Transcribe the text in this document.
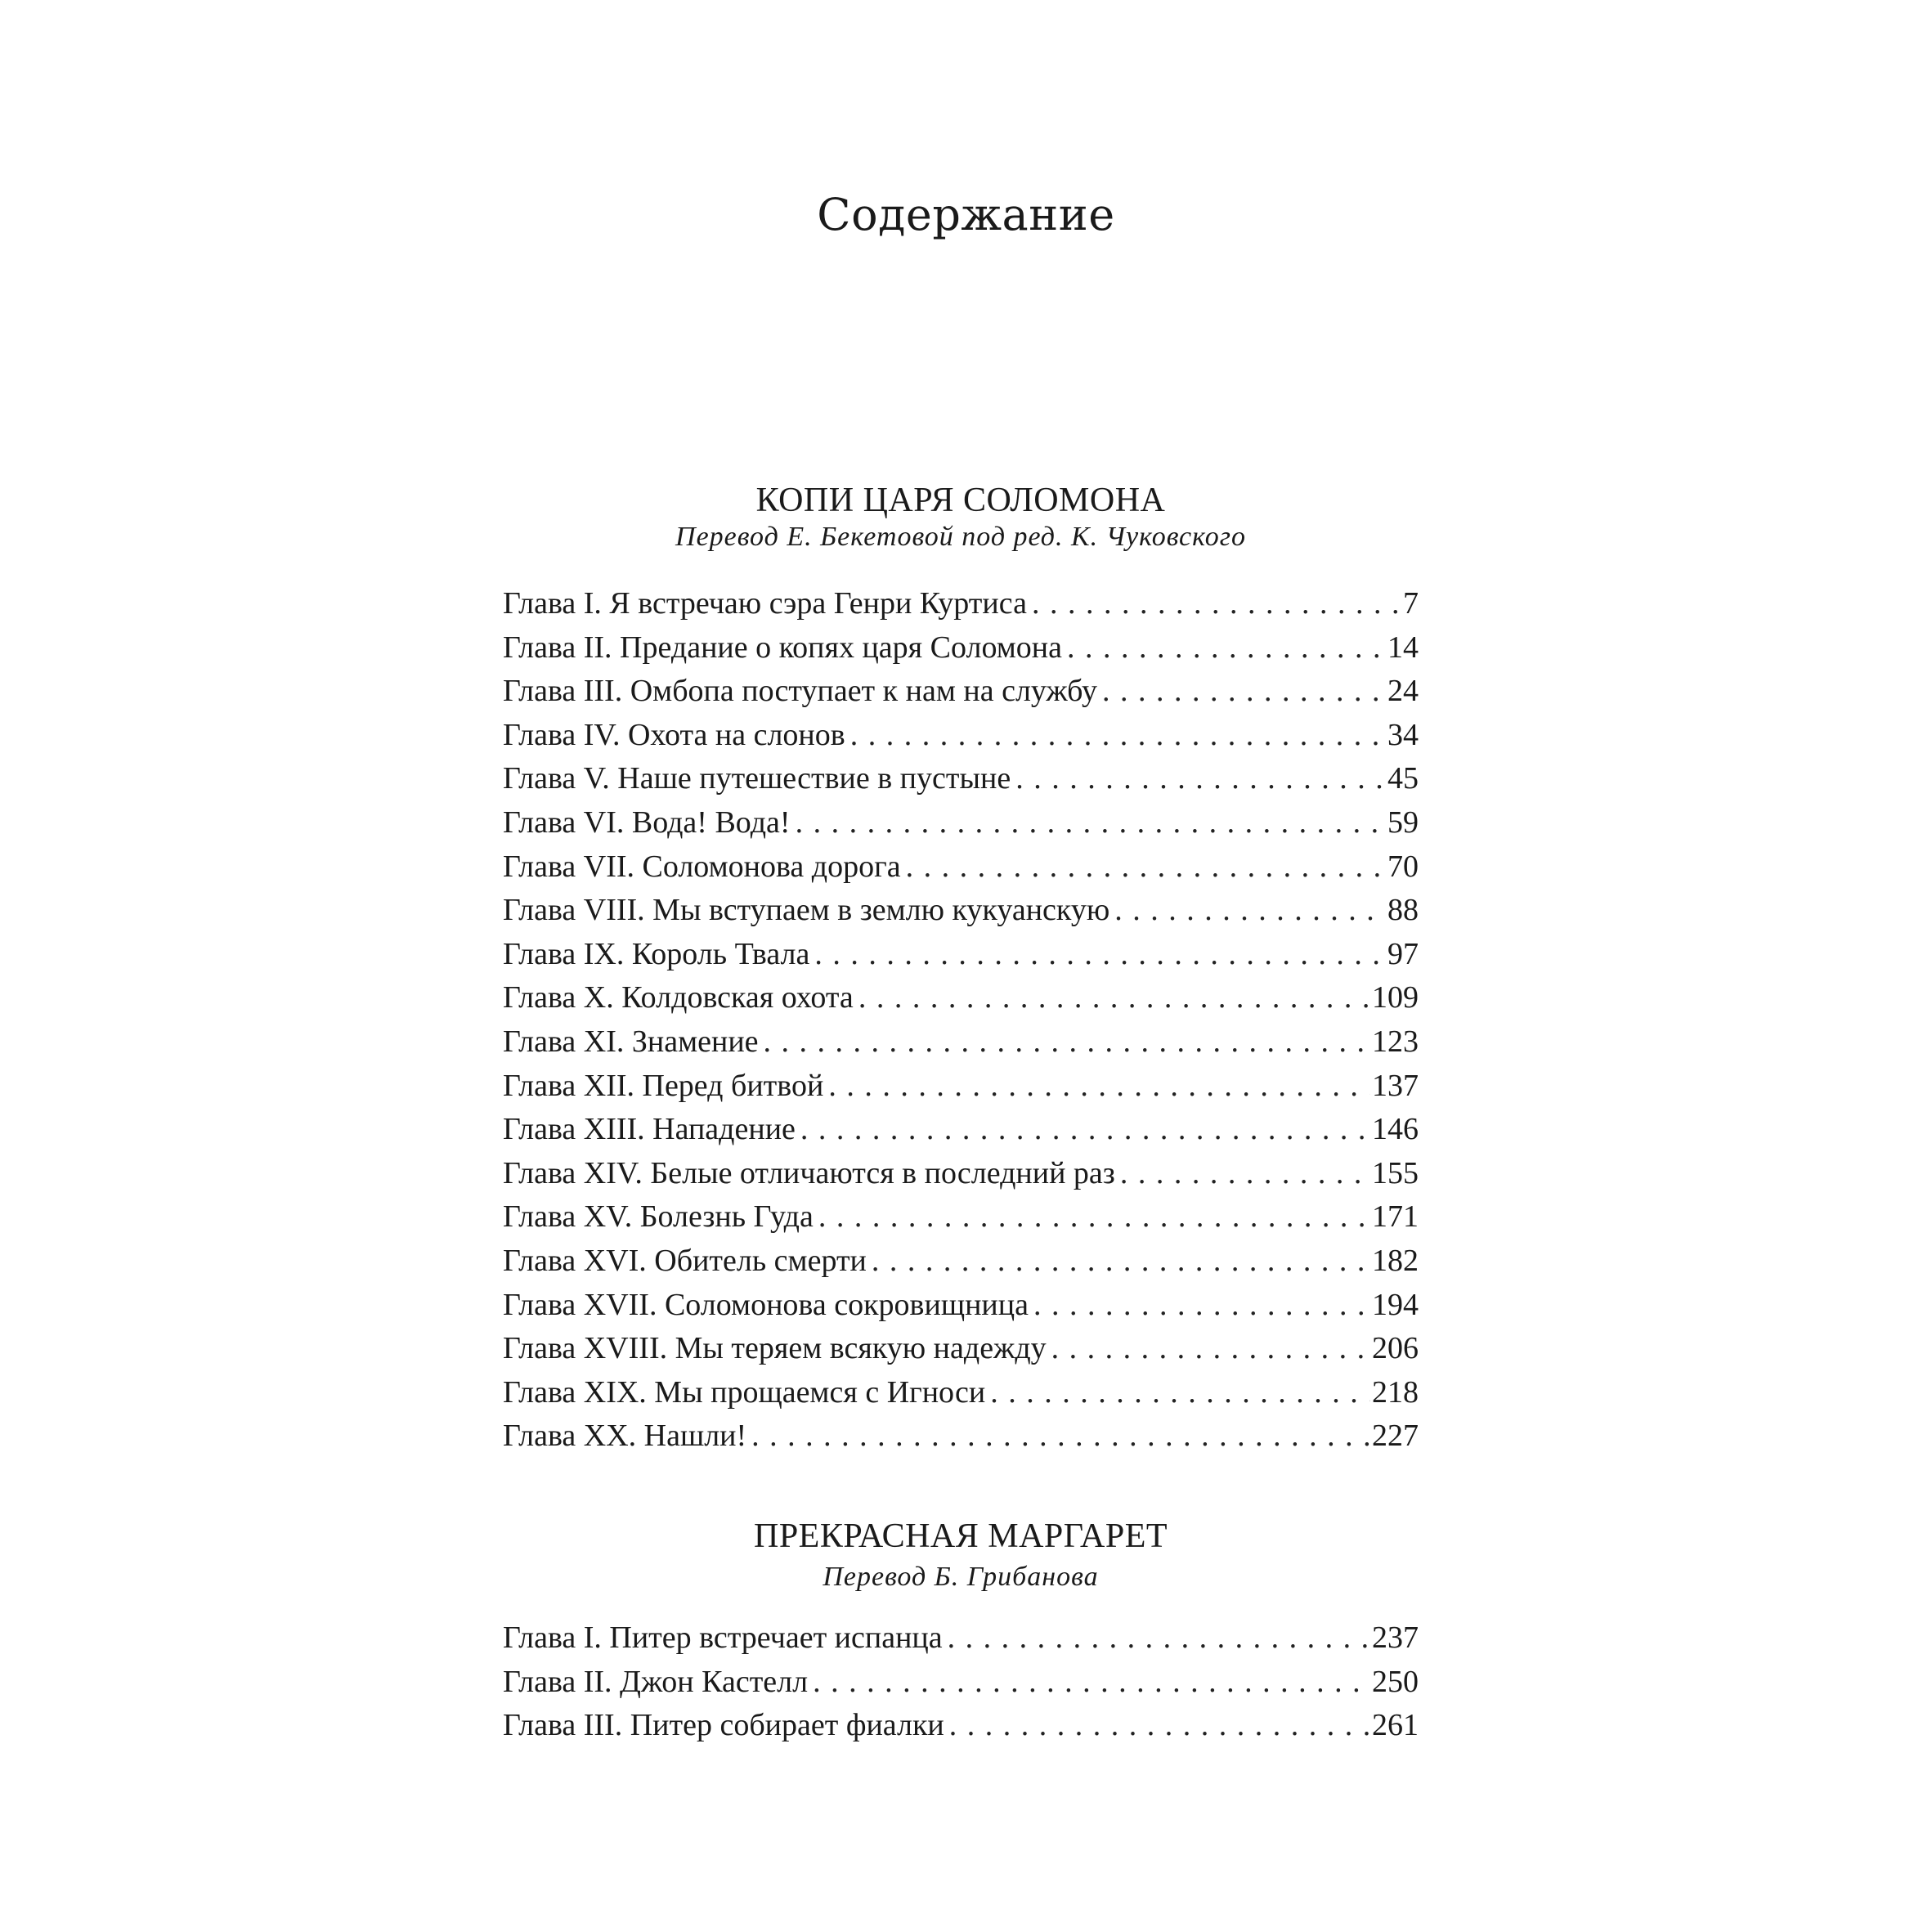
Содержание
КОПИ ЦАРЯ СОЛОМОНА
Перевод Е. Бекетовой под ред. К. Чуковского
Глава I. Я встречаю сэра Генри Куртиса . . .	7
Глава II. Предание о копях царя Соломона . . .	14
Глава III. Омбопа поступает к нам на службу . . .	24
Глава IV. Охота на слонов . . .	34
Глава V. Наше путешествие в пустыне . . .	45
Глава VI. Вода! Вода! . . .	59
Глава VII. Соломонова дорога . . .	70
Глава VIII. Мы вступаем в землю кукуанскую . . .	88
Глава IX. Король Твала . . .	97
Глава X. Колдовская охота . . .	109
Глава XI. Знамение . . .	123
Глава XII. Перед битвой . . .	137
Глава XIII. Нападение . . .	146
Глава XIV. Белые отличаются в последний раз . . .	155
Глава XV. Болезнь Гуда . . .	171
Глава XVI. Обитель смерти . . .	182
Глава XVII. Соломонова сокровищница . . .	194
Глава XVIII. Мы теряем всякую надежду . . .	206
Глава XIX. Мы прощаемся с Игноси . . .	218
Глава XX. Нашли! . . .	227
ПРЕКРАСНАЯ МАРГАРЕТ
Перевод Б. Грибанова
Глава I. Питер встречает испанца . . .	237
Глава II. Джон Кастелл . . .	250
Глава III. Питер собирает фиалки . . .	261
